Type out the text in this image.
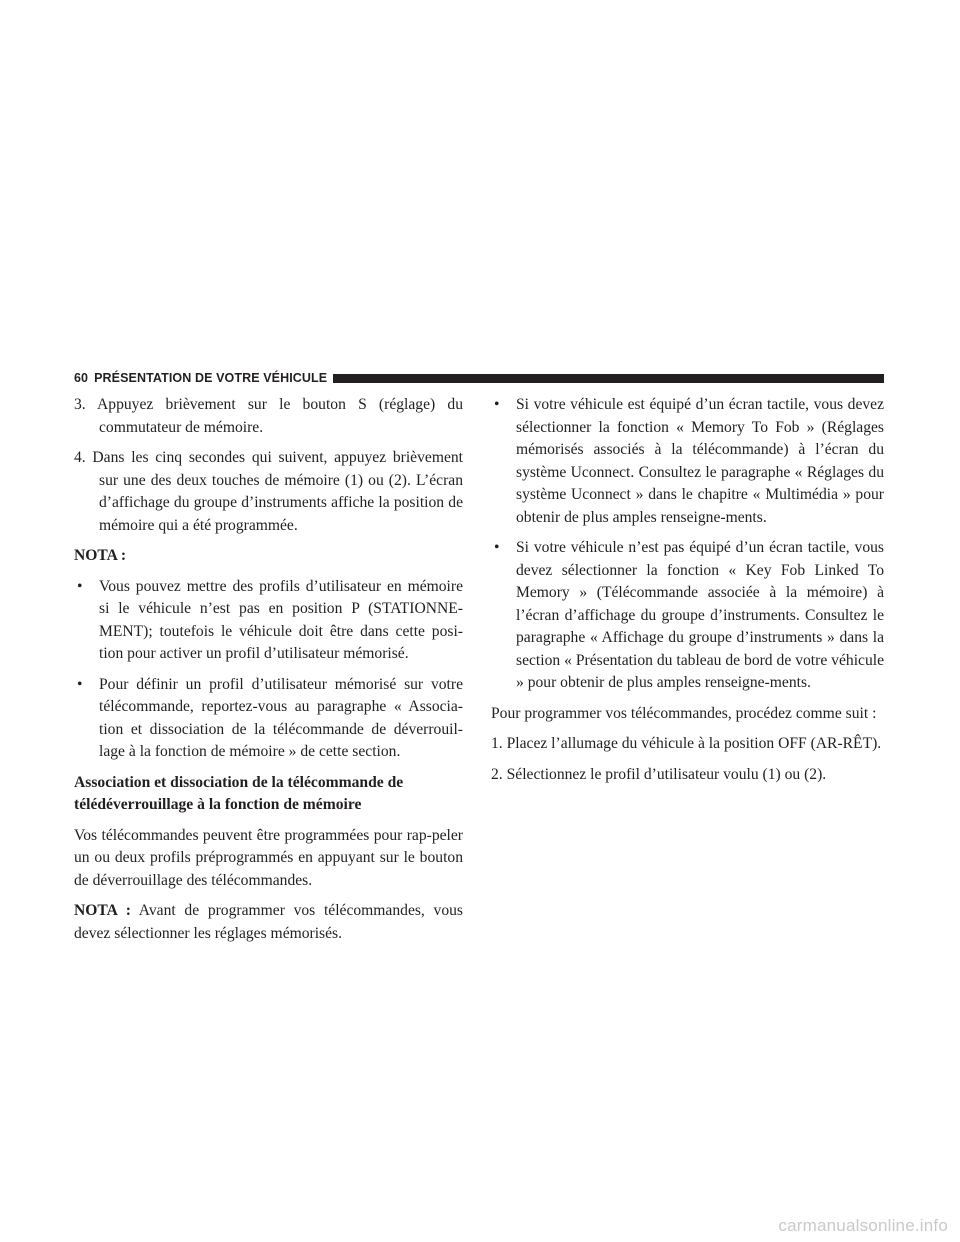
60 PRÉSENTATION DE VOTRE VÉHICULE

3. Appuyez brièvement sur le bouton S (réglage) du commutateur de mémoire.

4. Dans les cinq secondes qui suivent, appuyez brièvement sur une des deux touches de mémoire (1) ou (2). L’écran d’affichage du groupe d’instruments affiche la position de mémoire qui a été programmée.

NOTA :

• Vous pouvez mettre des profils d’utilisateur en mémoire si le véhicule n’est pas en position P (STATIONNE-MENT); toutefois le véhicule doit être dans cette posi-tion pour activer un profil d’utilisateur mémorisé.
• Pour définir un profil d’utilisateur mémorisé sur votre télécommande, reportez-vous au paragraphe « Associa-tion et dissociation de la télécommande de déverrouil-lage à la fonction de mémoire » de cette section.

Association et dissociation de la télécommande de télédéverrouillage à la fonction de mémoire

Vos télécommandes peuvent être programmées pour rap-peler un ou deux profils préprogrammés en appuyant sur le bouton de déverrouillage des télécommandes.

NOTA : Avant de programmer vos télécommandes, vous devez sélectionner les réglages mémorisés.

• Si votre véhicule est équipé d’un écran tactile, vous devez sélectionner la fonction « Memory To Fob » (Réglages mémorisés associés à la télécommande) à l’écran du système Uconnect. Consultez le paragraphe « Réglages du système Uconnect » dans le chapitre « Multimédia » pour obtenir de plus amples renseigne-ments.
• Si votre véhicule n’est pas équipé d’un écran tactile, vous devez sélectionner la fonction « Key Fob Linked To Memory » (Télécommande associée à la mémoire) à l’écran d’affichage du groupe d’instruments. Consultez le paragraphe « Affichage du groupe d’instruments » dans la section « Présentation du tableau de bord de votre véhicule » pour obtenir de plus amples renseigne-ments.

Pour programmer vos télécommandes, procédez comme suit :

1. Placez l’allumage du véhicule à la position OFF (AR-RÊT).

2. Sélectionnez le profil d’utilisateur voulu (1) ou (2).

carmanualsonline.info
